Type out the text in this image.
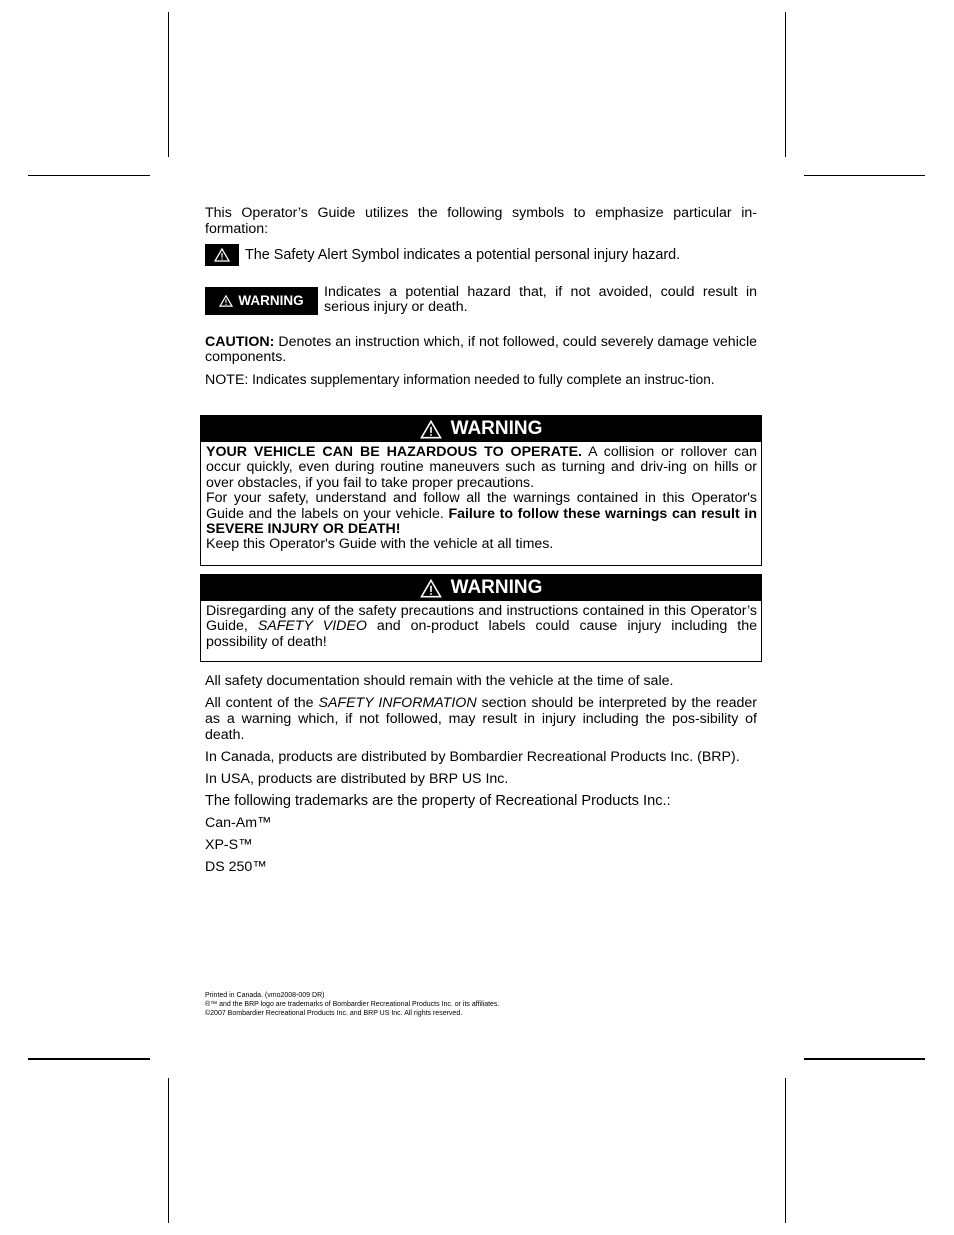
This Operator’s Guide utilizes the following symbols to emphasize particular in-formation:

The Safety Alert Symbol indicates a potential personal injury hazard.
WARNING
Indicates a potential hazard that, if not avoided, could result in serious injury or death.

CAUTION: Denotes an instruction which, if not followed, could severely damage vehicle components.

NOTE: Indicates supplementary information needed to fully complete an instruc-tion.

WARNING
YOUR VEHICLE CAN BE HAZARDOUS TO OPERATE. A collision or rollover can occur quickly, even during routine maneuvers such as turning and driv-ing on hills or over obstacles, if you fail to take proper precautions.
For your safety, understand and follow all the warnings contained in this Operator's Guide and the labels on your vehicle. Failure to follow these warnings can result in SEVERE INJURY OR DEATH!
Keep this Operator's Guide with the vehicle at all times.
WARNING
Disregarding any of the safety precautions and instructions contained in this Operator’s Guide, SAFETY VIDEO and on-product labels could cause injury including the possibility of death!

All safety documentation should remain with the vehicle at the time of sale.

All content of the SAFETY INFORMATION section should be interpreted by the reader as a warning which, if not followed, may result in injury including the pos-sibility of death.

In Canada, products are distributed by Bombardier Recreational Products Inc. (BRP).

In USA, products are distributed by BRP US Inc.

The following trademarks are the property of Recreational Products Inc.:

Can-Am™

XP-S™

DS 250™

Printed in Canada. (vmo2008-009 DR)
®™ and the BRP logo are trademarks of Bombardier Recreational Products Inc. or its affiliates.
©2007 Bombardier Recreational Products Inc. and BRP US Inc. All rights reserved.
